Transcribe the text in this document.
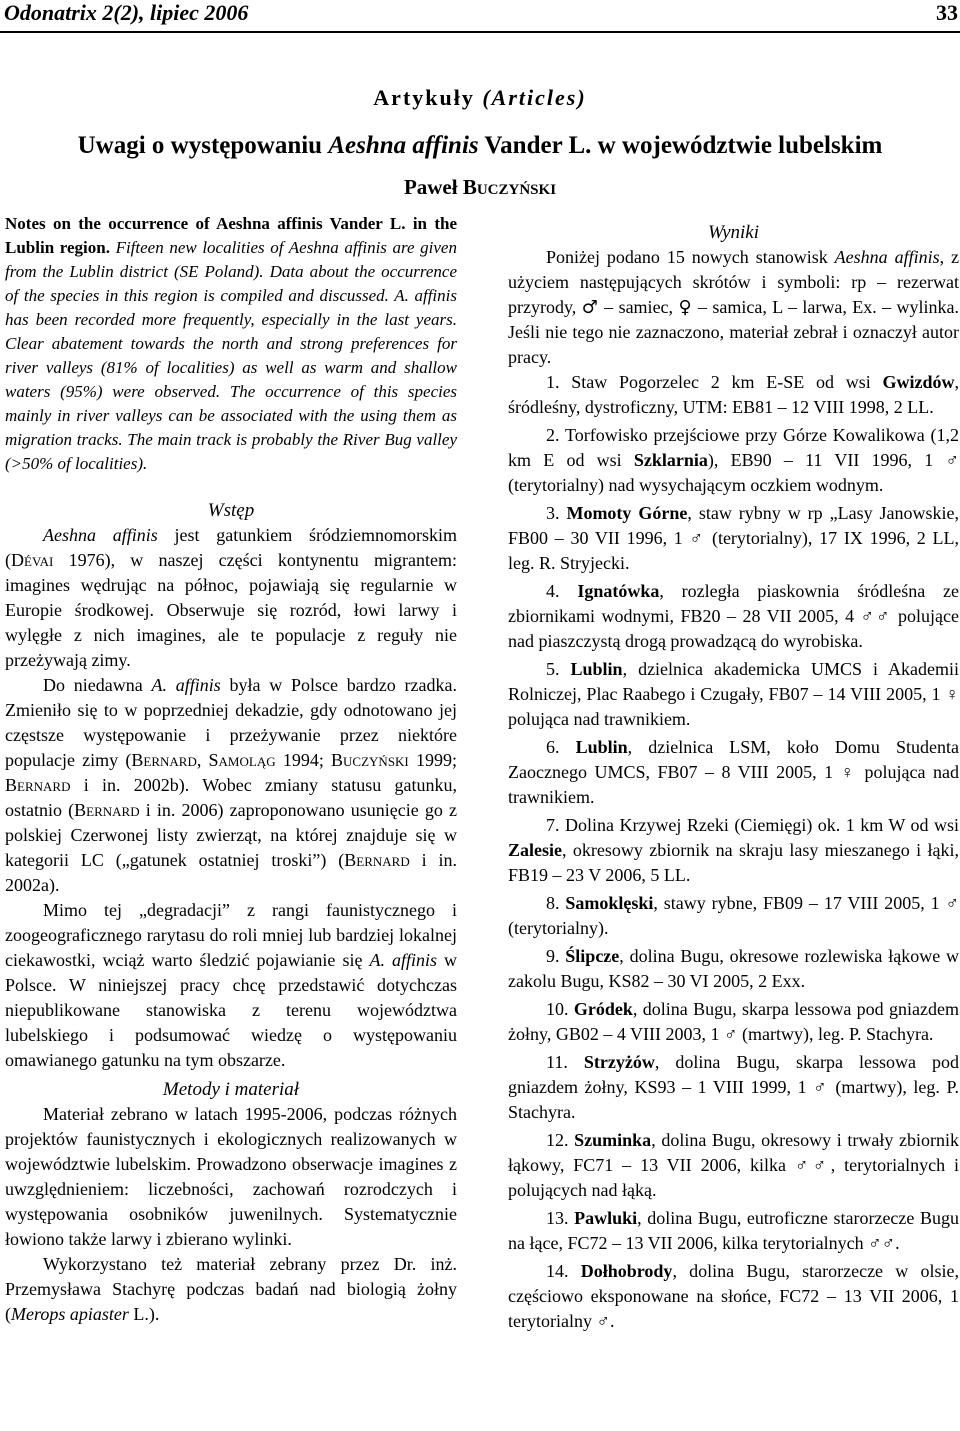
Odonatrix 2(2), lipiec 2006	33
Artykuły (Articles)
Uwagi o występowaniu Aeshna affinis Vander L. w województwie lubelskim
Paweł Buczyński

Notes on the occurrence of Aeshna affinis Vander L. in the Lublin region. Fifteen new localities of Aeshna affinis are given from the Lublin district (SE Poland). Data about the occurrence of the species in this region is compiled and discussed. A. affinis has been recorded more frequently, especially in the last years. Clear abatement towards the north and strong preferences for river valleys (81% of localities) as well as warm and shallow waters (95%) were observed. The occurrence of this species mainly in river valleys can be associated with the using them as migration tracks. The main track is probably the River Bug valley (>50% of localities).

Wstęp

Aeshna affinis jest gatunkiem śródziemnomorskim (Dévai 1976), w naszej części kontynentu migrantem: imagines wędrując na północ, pojawiają się regularnie w Europie środkowej. Obserwuje się rozród, łowi larwy i wylęgłe z nich imagines, ale te populacje z reguły nie przeżywają zimy.

Do niedawna A. affinis była w Polsce bardzo rzadka. Zmieniło się to w poprzedniej dekadzie, gdy odnotowano jej częstsze występowanie i przeżywanie przez niektóre populacje zimy (Bernard, Samoląg 1994; Buczyński 1999; Bernard i in. 2002b). Wobec zmiany statusu gatunku, ostatnio (Bernard i in. 2006) zaproponowano usunięcie go z polskiej Czerwonej listy zwierząt, na której znajduje się w kategorii LC („gatunek ostatniej troski”) (Bernard i in. 2002a).

Mimo tej „degradacji” z rangi faunistycznego i zoogeograficznego rarytasu do roli mniej lub bardziej lokalnej ciekawostki, wciąż warto śledzić pojawianie się A. affinis w Polsce. W niniejszej pracy chcę przedstawić dotychczas niepublikowane stanowiska z terenu województwa lubelskiego i podsumować wiedzę o występowaniu omawianego gatunku na tym obszarze.

Metody i materiał

Materiał zebrano w latach 1995-2006, podczas różnych projektów faunistycznych i ekologicznych realizowanych w województwie lubelskim. Prowadzono obserwacje imagines z uwzględnieniem: liczebności, zachowań rozrodczych i występowania osobników juwenilnych. Systematycznie łowiono także larwy i zbierano wylinki.

Wykorzystano też materiał zebrany przez Dr. inż. Przemysława Stachyrę podczas badań nad biologią żołny (Merops apiaster L.).

Wyniki

Poniżej podano 15 nowych stanowisk Aeshna affinis, z użyciem następujących skrótów i symboli: rp – rezerwat przyrody, ♂ – samiec, ♀ – samica, L – larwa, Ex. – wylinka. Jeśli nie tego nie zaznaczono, materiał zebrał i oznaczył autor pracy.

1. Staw Pogorzelec 2 km E-SE od wsi Gwizdów, śródleśny, dystroficzny, UTM: EB81 – 12 VIII 1998, 2 LL.

2. Torfowisko przejściowe przy Górze Kowalikowa (1,2 km E od wsi Szklarnia), EB90 – 11 VII 1996, 1 ♂ (terytorialny) nad wysychającym oczkiem wodnym.

3. Momoty Górne, staw rybny w rp „Lasy Janowskie, FB00 – 30 VII 1996, 1 ♂ (terytorialny), 17 IX 1996, 2 LL, leg. R. Stryjecki.

4. Ignatówka, rozległa piaskownia śródleśna ze zbiornikami wodnymi, FB20 – 28 VII 2005, 4 ♂♂ polujące nad piaszczystą drogą prowadzącą do wyrobiska.

5. Lublin, dzielnica akademicka UMCS i Akademii Rolniczej, Plac Raabego i Czugały, FB07 – 14 VIII 2005, 1 ♀ polująca nad trawnikiem.

6. Lublin, dzielnica LSM, koło Domu Studenta Zaocznego UMCS, FB07 – 8 VIII 2005, 1 ♀ polująca nad trawnikiem.

7. Dolina Krzywej Rzeki (Ciemięgi) ok. 1 km W od wsi Zalesie, okresowy zbiornik na skraju lasy mieszanego i łąki, FB19 – 23 V 2006, 5 LL.

8. Samoklęski, stawy rybne, FB09 – 17 VIII 2005, 1 ♂ (terytorialny).

9. Ślipcze, dolina Bugu, okresowe rozlewiska łąkowe w zakolu Bugu, KS82 – 30 VI 2005, 2 Exx.

10. Gródek, dolina Bugu, skarpa lessowa pod gniazdem żołny, GB02 – 4 VIII 2003, 1 ♂ (martwy), leg. P. Stachyra.

11. Strzyżów, dolina Bugu, skarpa lessowa pod gniazdem żołny, KS93 – 1 VIII 1999, 1 ♂ (martwy), leg. P. Stachyra.

12. Szuminka, dolina Bugu, okresowy i trwały zbiornik łąkowy, FC71 – 13 VII 2006, kilka ♂♂, terytorialnych i polujących nad łąką.

13. Pawluki, dolina Bugu, eutroficzne starorzecze Bugu na łące, FC72 – 13 VII 2006, kilka terytorialnych ♂♂.

14. Dołhobrody, dolina Bugu, starorzecze w olsie, częściowo eksponowane na słońce, FC72 – 13 VII 2006, 1 terytorialny ♂.
